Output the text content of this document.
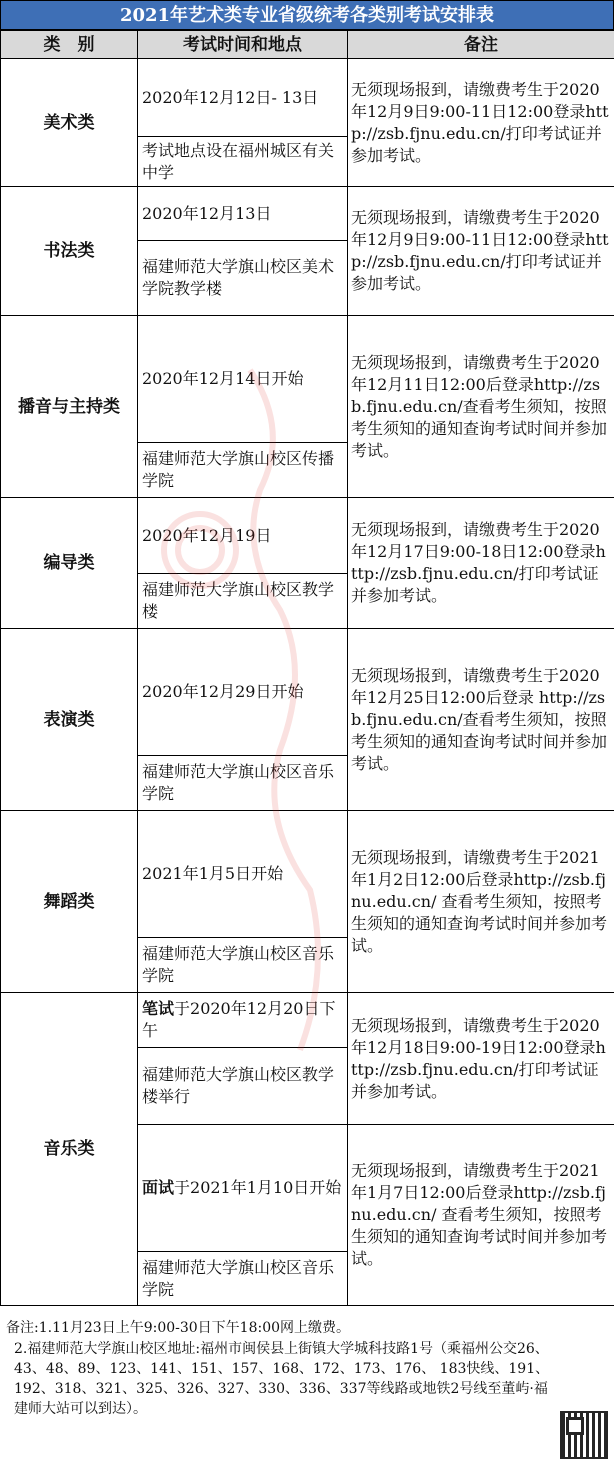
2021年艺术类专业省级统考各类别考试安排表
类　别	考试时间和地点	备注
美术类	2020年12月12日- 13日	无须现场报到，请缴费考生于2020年12月9日9:00-11日12:00登录http://zsb.fjnu.edu.cn/打印考试证并参加考试。
	考试地点设在福州城区有关中学	
书法类	2020年12月13日	无须现场报到，请缴费考生于2020年12月9日9:00-11日12:00登录http://zsb.fjnu.edu.cn/打印考试证并参加考试。
	福建师范大学旗山校区美术学院教学楼	
播音与主持类	2020年12月14日开始	无须现场报到，请缴费考生于2020年12月11日12:00后登录http://zsb.fjnu.edu.cn/查看考生须知，按照考生须知的通知查询考试时间并参加考试。
	福建师范大学旗山校区传播学院	
编导类	2020年12月19日	无须现场报到，请缴费考生于2020年12月17日9:00-18日12:00登录http://zsb.fjnu.edu.cn/打印考试证并参加考试。
	福建师范大学旗山校区教学楼	
表演类	2020年12月29日开始	无须现场报到，请缴费考生于2020年12月25日12:00后登录 http://zsb.fjnu.edu.cn/查看考生须知，按照考生须知的通知查询考试时间并参加考试。
	福建师范大学旗山校区音乐学院	
舞蹈类	2021年1月5日开始	无须现场报到，请缴费考生于2021年1月2日12:00后登录http://zsb.fjnu.edu.cn/ 查看考生须知，按照考生须知的通知查询考试时间并参加考试。
	福建师范大学旗山校区音乐学院	
音乐类	笔试于2020年12月20日下午	无须现场报到，请缴费考生于2020年12月18日9:00-19日12:00登录http://zsb.fjnu.edu.cn/打印考试证并参加考试。
	福建师范大学旗山校区教学楼举行	
	面试于2021年1月10日开始	无须现场报到，请缴费考生于2021年1月7日12:00后登录http://zsb.fjnu.edu.cn/ 查看考生须知，按照考生须知的通知查询考试时间并参加考试。
	福建师范大学旗山校区音乐学院	
备注:1.11月23日上午9:00-30日下午18:00网上缴费。
2.福建师范大学旗山校区地址:福州市闽侯县上街镇大学城科技路1号（乘福州公交26、43、48、89、123、141、151、157、168、172、173、176、 183快线、191、192、318、321、325、326、327、330、336、337等线路或地铁2号线至董屿·福建师大站可以到达）。
